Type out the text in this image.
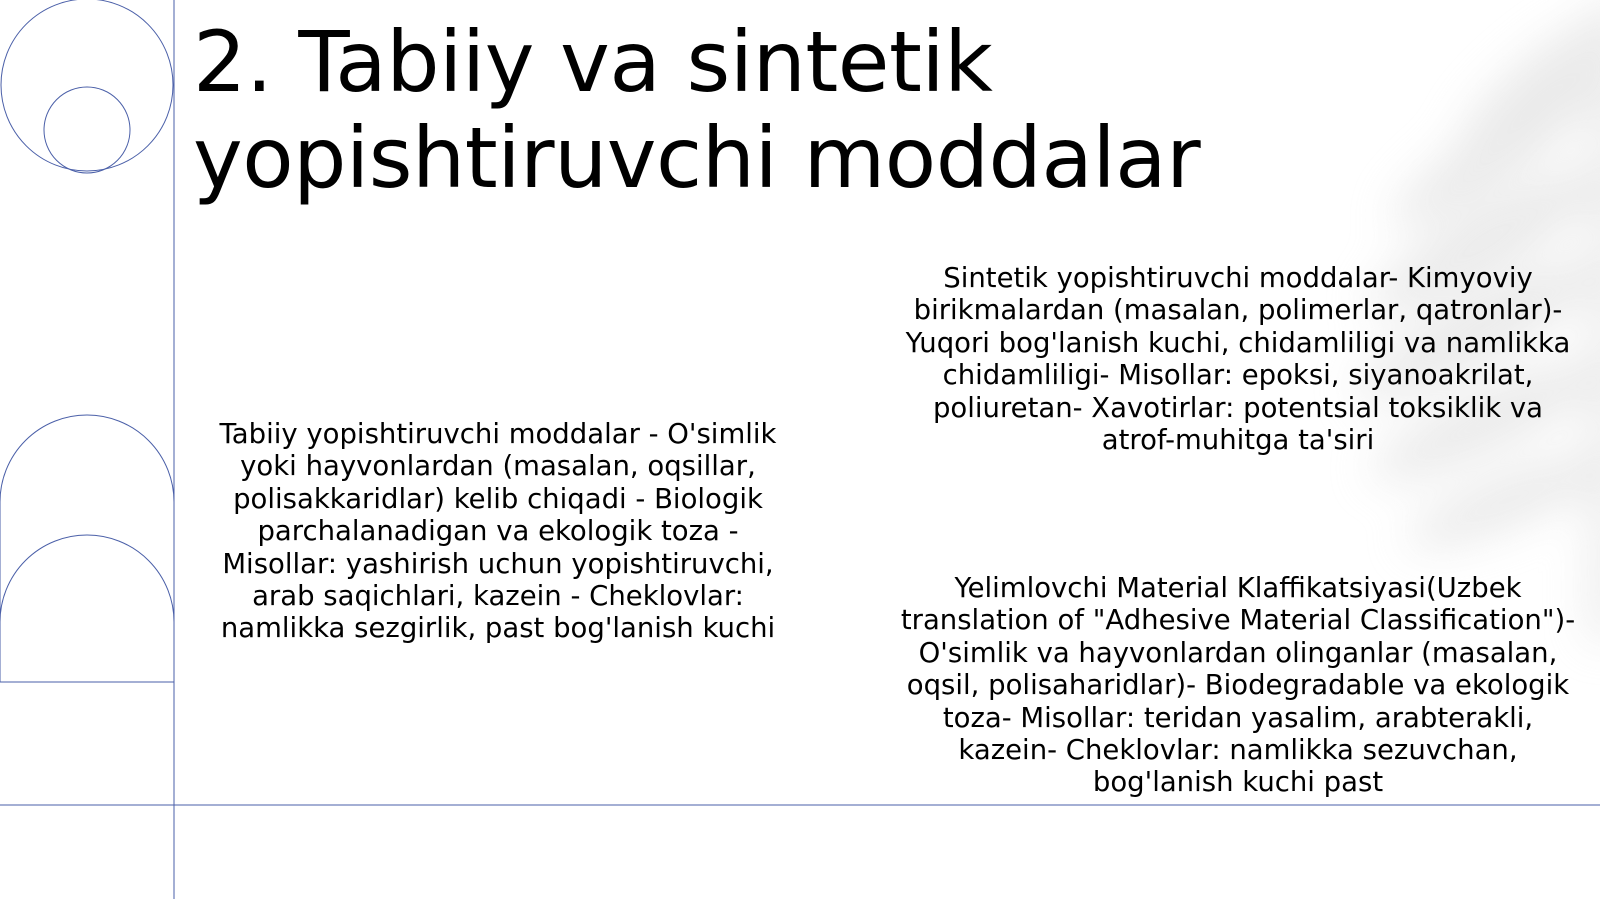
2. Tabiiy va sintetik
yopishtiruvchi moddalar
Tabiiy yopishtiruvchi moddalar - O'simlik
yoki hayvonlardan (masalan, oqsillar,
polisakkaridlar) kelib chiqadi - Biologik
parchalanadigan va ekologik toza -
Misollar: yashirish uchun yopishtiruvchi,
arab saqichlari, kazein - Cheklovlar:
namlikka sezgirlik, past bog'lanish kuchi
Sintetik yopishtiruvchi moddalar- Kimyoviy
birikmalardan (masalan, polimerlar, qatronlar)-
Yuqori bog'lanish kuchi, chidamliligi va namlikka
chidamliligi- Misollar: epoksi, siyanoakrilat,
poliuretan- Xavotirlar: potentsial toksiklik va
atrof-muhitga ta'siri
Yelimlovchi Material Klaffikatsiyasi(Uzbek
translation of "Adhesive Material Classification")-
O'simlik va hayvonlardan olinganlar (masalan,
oqsil, polisaharidlar)- Biodegradable va ekologik
toza- Misollar: teridan yasalim, arabterakli,
kazein- Cheklovlar: namlikka sezuvchan,
bog'lanish kuchi past
